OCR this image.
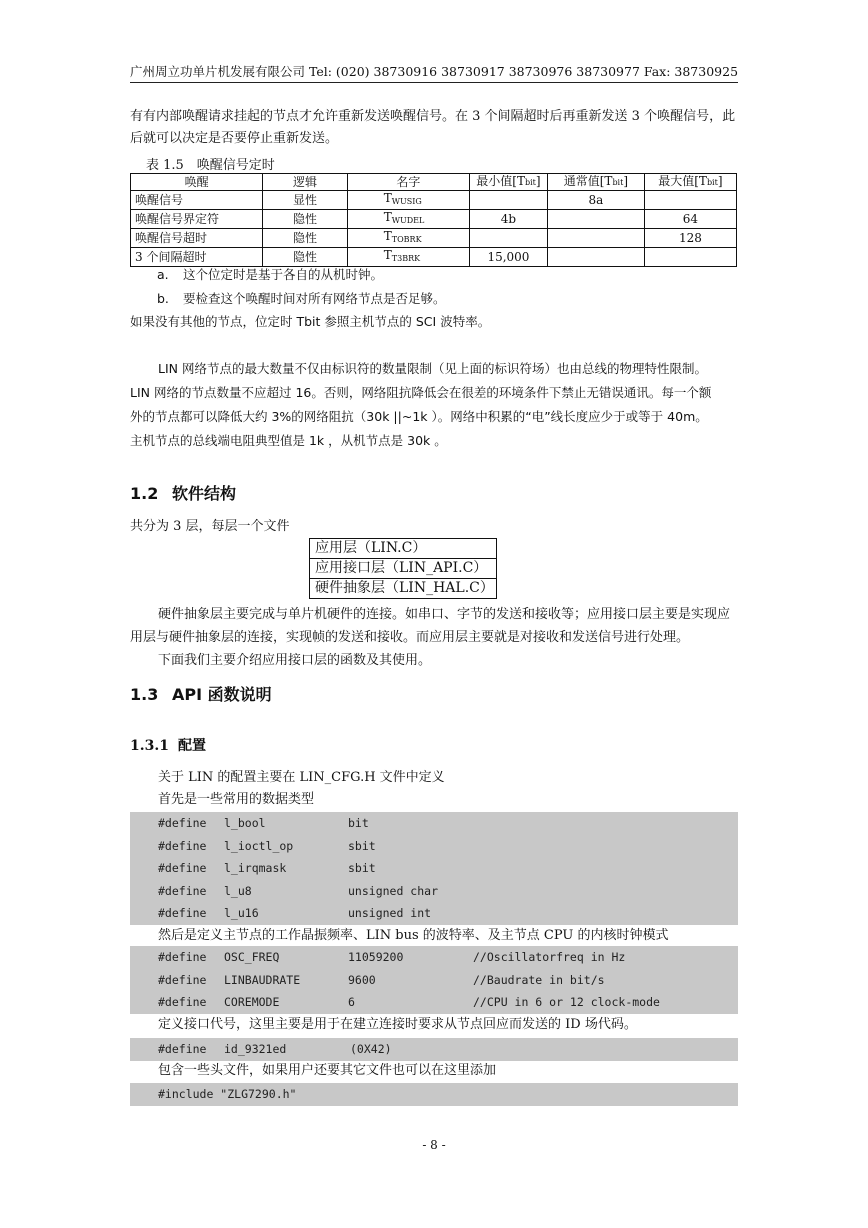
广州周立功单片机发展有限公司 Tel: (020) 38730916 38730917 38730976 38730977 Fax: 38730925
有有内部唤醒请求挂起的节点才允许重新发送唤醒信号。在 3 个间隔超时后再重新发送 3 个唤醒信号，此
后就可以决定是否要停止重新发送。
表 1.5　唤醒信号定时
唤醒	逻辑	名字	最小值[Tbit]	通常值[Tbit]	最大值[Tbit]
唤醒信号	显性	TWUSIG		8a	
唤醒信号界定符	隐性	TWUDEL	4b		64
唤醒信号超时	隐性	TTOBRK			128
3 个间隔超时	隐性	TT3BRK	15,000		
a. 这个位定时是基于各自的从机时钟。
b. 要检查这个唤醒时间对所有网络节点是否足够。
如果没有其他的节点，位定时 Tbit 参照主机节点的 SCI 波特率。
LIN 网络节点的最大数量不仅由标识符的数量限制（见上面的标识符场）也由总线的物理特性限制。
LIN 网络的节点数量不应超过 16。否则，网络阻抗降低会在很差的环境条件下禁止无错误通讯。每一个额
外的节点都可以降低大约 3%的网络阻抗（30k ||~1k ）。网络中积累的“电”线长度应少于或等于 40m。
主机节点的总线端电阻典型值是 1k ，从机节点是 30k 。
1.2 软件结构
共分为 3 层，每层一个文件
应用层（LIN.C）
应用接口层（LIN_API.C）
硬件抽象层（LIN_HAL.C）
硬件抽象层主要完成与单片机硬件的连接。如串口、字节的发送和接收等；应用接口层主要是实现应
用层与硬件抽象层的连接，实现帧的发送和接收。而应用层主要就是对接收和发送信号进行处理。
下面我们主要介绍应用接口层的函数及其使用。
1.3 API 函数说明
1.3.1 配置
关于 LIN 的配置主要在 LIN_CFG.H 文件中定义
首先是一些常用的数据类型
#define l_bool	bit
#define l_ioctl_op	sbit
#define l_irqmask	sbit
#define l_u8	unsigned char
#define l_u16	unsigned int
然后是定义主节点的工作晶振频率、LIN bus 的波特率、及主节点 CPU 的内核时钟模式
#define OSC_FREQ	11059200	//Oscillatorfreq in Hz
#define LINBAUDRATE	9600	//Baudrate in bit/s
#define COREMODE	6	//CPU in 6 or 12 clock-mode
定义接口代号，这里主要是用于在建立连接时要求从节点回应而发送的 ID 场代码。
#define id_9321ed	(0X42)
包含一些头文件，如果用户还要其它文件也可以在这里添加
#include "ZLG7290.h"
- 8 -
